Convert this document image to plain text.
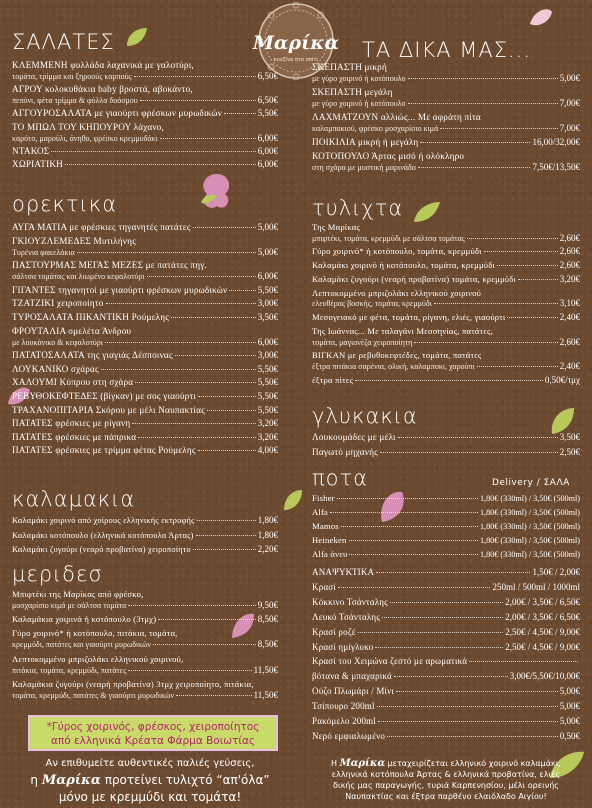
Μαρίκα
κουζίνα στο σπίτι
ΣΑΛΑΤΕΣ
ΚΛΕΜΜΕΝΗ φυλλάδα λαχανικά με γαλοτύρι,
τομάτα, τρίμμα και ξηροούς καρπούς	6,50€
ΑΓΡΟΥ κολοκυθάκια baby βροστά, αβοκάντο,
πεπόνι, φέτα τρίμμα & φύλλα δυόσμου	6,50€
ΑΓΓΟΥΡΟΣΑΛΑΤΑ με γιαούρτι φρέσκων μυρωδικών	5,50€
ΤΟ ΜΠΩΛ ΤΟΥ ΚΗΠΟΥΡΟΥ λάχανο,
καρότο, μαρούλι, άνηθο, φρέσκο κρεμμυδάκι	6,00€
ΝΤΑΚΟΣ	6,00€
ΧΩΡΙΑΤΙΚΗ	6,00€
ορεκτικα
ΑΥΓΑ ΜΑΤΙΑ με φρέσκιες τηγανητές πατάτες	5,00€
ΓΚΙΟΥΖΛΕΜΕΔΕΣ Μυτιλήνης
Τυρένια φακελάκια	5,00€
ΠΑΣΤΟΥΡΜΑΣ ΜΕΓΑΣ ΜΕΖΕΣ με πατάτες πηγ.
σάλτσα τομάτας και λιωμένο κεφαλοτύρι	6,00€
ΓΙΓΑΝΤΕΣ τηγανητοί με γιαούρτι φρέσκων μυρωδικών	5,50€
ΤΖΑΤΖΙΚΙ χειροποίητο	3,00€
ΤΥΡΟΣΑΛΑΤΑ ΠΙΚΑΝΤΙΚΗ Ρούμελης	3,50€
ΦΡΟΥΤΑΛΙΑ ομελέτα Άνδρου
με λουκάνικο & κεφαλοτύρι	6,00€
ΠΑΤΑΤΟΣΑΛΑΤΑ της γιαγιάς Δέσποινας	3,00€
ΛΟΥΚΑΝΙΚΟ σχάρας	5,50€
ΧΑΛΟΥΜΙ Κύπρου στη σχάρα	5,50€
ΡΕΒΥΘΟΚΕΦΤΕΔΕΣ (βίγκαν) με σος γιαούρτι	5,50€
ΤΡΑΧΑΝΟΠΙΤΑΡΙΑ Σκόρου με μέλι Ναυπακτίας	5,50€
ΠΑΤΑΤΕΣ φρέσκιες με ρίγανη	3,20€
ΠΑΤΑΤΕΣ φρέσκιες με πάπρικα	3,20€
ΠΑΤΑΤΕΣ φρέσκιες με τρίμμα φέτας Ρούμελης	4,00€
καλαμακια
Καλαμάκι χοιρινό από χοίρους ελληνικής εκτροφής	1,80€
Καλαμάκι κοτόπουλο (ελληνικά κοτόπουλα Άρτας)	1,80€
Καλαμάκι ζυγούρι (νεαρό προβατίνα) χειροποίητο	2,20€
μεριδεσ
Μπιφτέκι της Μαρίκας από φρέσκο,
μοσχαρίσιο κιμά με σάλτσα τομάτα	9,50€
Καλαμάκια χοιρινά ή κοτόπουλο (3τμχ)	8,50€
Γύρο χοιρινό* ή κοτόπουλο, πιτάκια, τομάτα,
κρεμμύδι, πατάτες και γιαούρτι μυρωδικών	8,50€
Λεπτοκομμένο μπριζολάκι ελληνικού χοιρινού,
πιτάκια, τομάτα, κρεμμύδι, πατάτες	11,50€
Καλαμάκια ζυγούρι (νεαρή προβατίνα) 3τμχ χειροποίητο, πιτάκια,
τομάτα, κρεμμύδι, πατάτες & γιαούρτι μυρωδικών	11,50€
*Γύρος χοιρινός, φρέσκος, χειροποίητος
από ελληνικά Κρέατα Φάρμα Βοιωτίας
Αν επιθυμείτε αυθεντικές παλιές γεύσεις,
η Μαρίκα προτείνει τυλιχτό “απ'όλα”
μόνο με κρεμμύδι και τομάτα!
ΤΑ ΔΙΚΑ ΜΑΣ...
ΣΚΕΠΑΣΤΗ μικρή
με γύρο χοιρινό ή κοτόπουλο	5,00€
ΣΚΕΠΑΣΤΗ μεγάλη
με γύρο χοιρινό ή κοτόπουλο	7,00€
ΛΑΧΜΑΤΖΟΥΝ αλλιώς... Με αφράτη πίτα
καλαμποκιού, φρέσκο μοσχαρίσιο κιμά	7,00€
ΠΟΙΚΙΛΙΑ μικρή ή μεγάλη	16,00/32,00€
ΚΟΤΟΠΟΥΛΟ Άρτας μισό ή ολόκληρο
στη σχάρα με μυστική μαρινάδα	7,50€/13,50€
τυλιχτα
Της Μαρίκας
μπιφτέκι, τομάτα, κρεμμύδι με σάλτσα τομάτας	2,60€
Γύρο χοιρινό* ή κοτόπουλο, τομάτα, κρεμμύδι	2,60€
Καλαμάκι χοιρινό ή κοτόπουλο, τομάτα, κρεμμύδι	2,60€
Καλαμάκι ζυγούρι (νεαρή προβατίνα) τομάτα, κρεμμύδι	3,20€
Λεπτοκομμένο μπριζολάκι ελληνικού χοιρινού
ελευθέρας βοσκής, τομάτα, κρεμμύδι	3,10€
Μεσογειακό με φέτα, τομάτα, ρίγανη, ελιές, γιαούρτι	2,40€
Της Ιωάννας... Με ταλαγάνι Μεσσηνίας, πατάτες,
τομάτα, μαγιονέζα χειροποίητη	2,60€
ΒΙΓΚΑΝ με ρεβυθοκεφτέδες, τομάτα, πατάτες
έξτρα πιτάκια σαρένια, ολική, καλαμποκι, χαρούπι	2,40€
έξτρα πίτες	0,50€/τμχ
γλυκακια
Λουκουμάδες με μέλι	3,50€
Παγωτό μηχανής	2,50€
ποτα	Delivery / ΣΑΛΑ
Fisher	1,80€ (330ml) / 3,50€ (500ml)
Alfa	1,80€ (330ml) / 3,50€ (500ml)
Mamos	1,80€ (330ml) / 3,50€ (500ml)
Heineken	1,80€ (330ml) / 3,50€ (500ml)
Alfa άνευ	1,80€ (330ml) / 3,50€ (500ml)
ΑΝΑΨΥΚΤΙΚΑ	1,50€ / 2,00€
Κρασί	250ml / 500ml / 1000ml
Κόκκινο Τσάνταλης	2,00€ / 3,50€ / 6,50€
Λευκό Τσάνταλης	2,00€ / 3,50€ / 6,50€
Κρασί ροζέ	2,50€ / 4,50€ / 9,00€
Κρασί ημίγλυκο	2,50€ / 4,50€ / 9,00€
Κρασί του Χειμώνα ζεστό με αρωματικά
βότανα & μπαχαρικά	3,00€/5,50€/10,00€
Ούζο Πλωμάρι / Μίνι	5,00€
Τσίπουρο 200ml	5,00€
Ρακόμελο 200ml	5,00€
Νερό εμφιαλωμένο	0,50€
Η Μαρίκα μεταχειρίζεται ελληνικό χοιρινό καλαμάκι,
ελληνικά κοτόπουλα Άρτας & ελληνικά προβατίνα, ελιές
δικής μας παραγωγής, τυριά Καρπενησίου, μέλι ορεινής
Ναυπακτίας και έξτρα παρθένο ελαιόλαδο Αιγίου!
